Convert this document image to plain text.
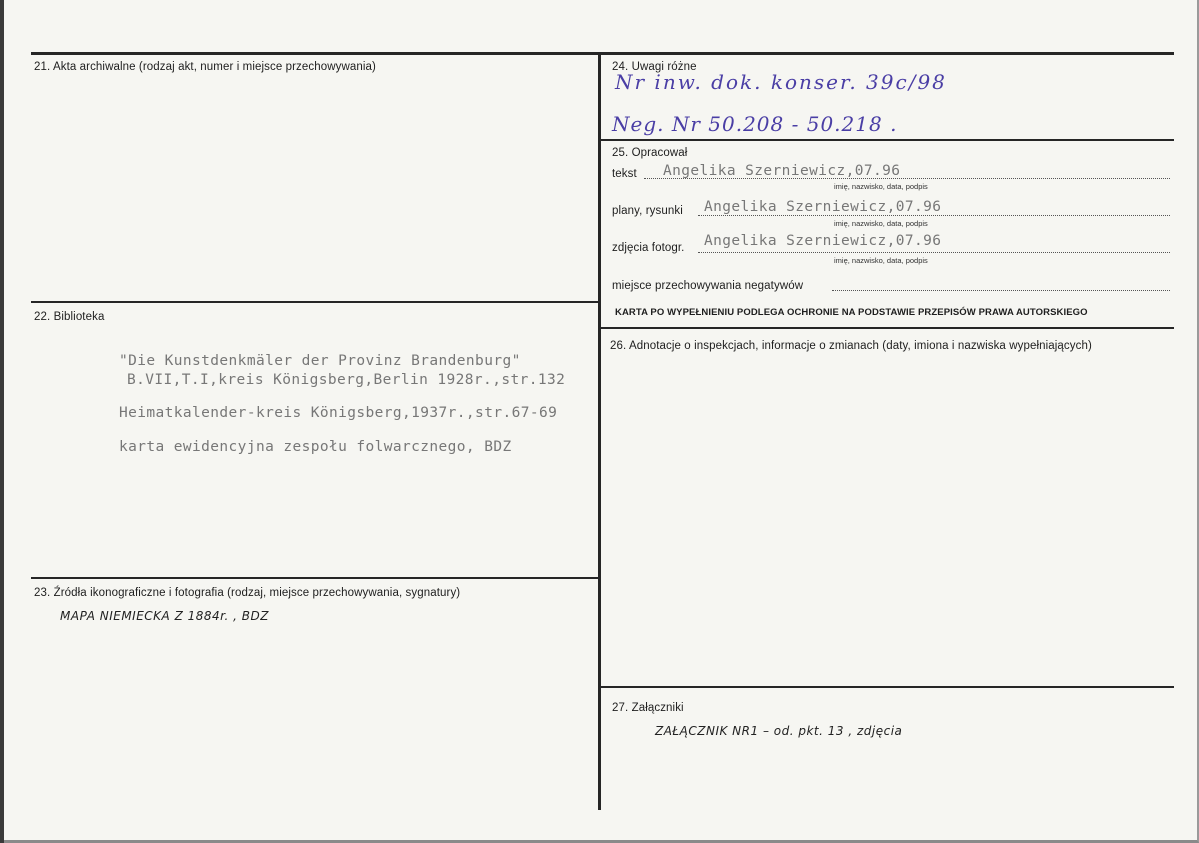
21. Akta archiwalne (rodzaj akt, numer i miejsce przechowywania)
22. Biblioteka
"Die Kunstdenkmäler der Provinz Brandenburg"
B.VII,T.I,kreis Königsberg,Berlin 1928r.,str.132
Heimatkalender-kreis Königsberg,1937r.,str.67-69
karta ewidencyjna zespołu folwarcznego, BDZ
23. Źródła ikonograficzne i fotografia (rodzaj, miejsce przechowywania, sygnatury)
MAPA NIEMIECKA Z 1884r. , BDZ
24. Uwagi różne
Nr inw. dok. konser. 39c/98
Neg. Nr 50.208 - 50.218 .
25. Opracował
tekst Angelika Szerniewicz,07.96
imię, nazwisko, data, podpis
plany, rysunki Angelika Szerniewicz,07.96
imię, nazwisko, data, podpis
zdjęcia fotogr. Angelika Szerniewicz,07.96
imię, nazwisko, data, podpis
miejsce przechowywania negatywów
KARTA PO WYPEŁNIENIU PODLEGA OCHRONIE NA PODSTAWIE PRZEPISÓW PRAWA AUTORSKIEGO
26. Adnotacje o inspekcjach, informacje o zmianach (daty, imiona i nazwiska wypełniających)
27. Załączniki
ZAŁĄCZNIK NR1 – od. pkt. 13 , zdjęcia
